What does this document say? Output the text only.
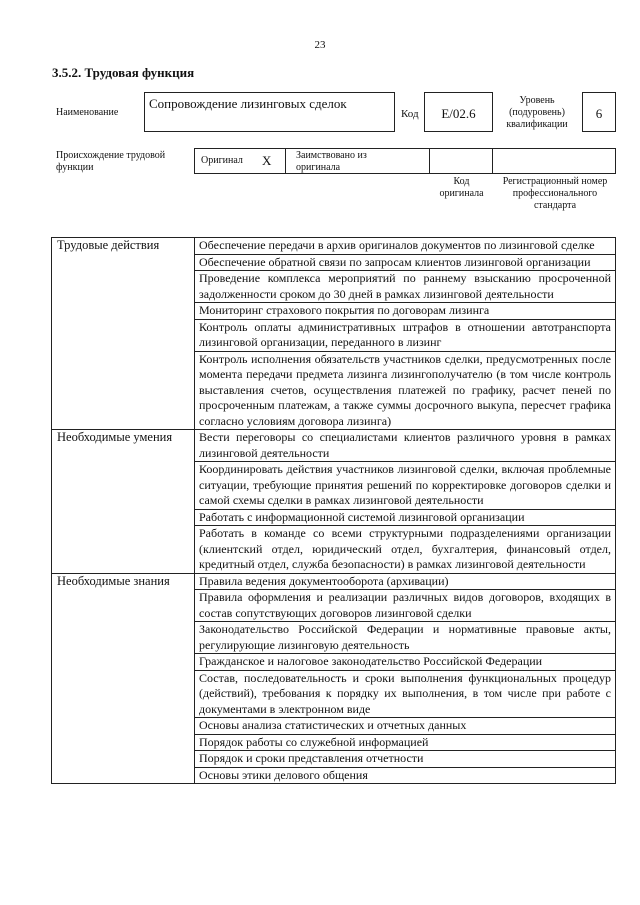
23
3.5.2. Трудовая функция
Наименование
Сопровождение лизинговых сделок
Код	E/02.6
Уровень (подуровень) квалификации
6
Происхождение трудовой функции
Оригинал X	Заимствовано из оригинала
Код оригинала
Регистрационный номер профессионального стандарта
Трудовые действия	Обеспечение передачи в архив оригиналов документов по лизинговой сделке
	Обеспечение обратной связи по запросам клиентов лизинговой организации
	Проведение комплекса мероприятий по раннему взысканию просроченной задолженности сроком до 30 дней в рамках лизинговой деятельности
	Мониторинг страхового покрытия по договорам лизинга
	Контроль оплаты административных штрафов в отношении автотранспорта лизинговой организации, переданного в лизинг
	Контроль исполнения обязательств участников сделки, предусмотренных после момента передачи предмета лизинга лизингополучателю (в том числе контроль выставления счетов, осуществления платежей по графику, расчет пеней по просроченным платежам, а также суммы досрочного выкупа, пересчет графика согласно условиям договора лизинга)
Необходимые умения	Вести переговоры со специалистами клиентов различного уровня в рамках лизинговой деятельности
	Координировать действия участников лизинговой сделки, включая проблемные ситуации, требующие принятия решений по корректировке договоров сделки и самой схемы сделки в рамках лизинговой деятельности
	Работать с информационной системой лизинговой организации
	Работать в команде со всеми структурными подразделениями организации (клиентский отдел, юридический отдел, бухгалтерия, финансовый отдел, кредитный отдел, служба безопасности) в рамках лизинговой деятельности
Необходимые знания	Правила ведения документооборота (архивации)
	Правила оформления и реализации различных видов договоров, входящих в состав сопутствующих договоров лизинговой сделки
	Законодательство Российской Федерации и нормативные правовые акты, регулирующие лизинговую деятельность
	Гражданское и налоговое законодательство Российской Федерации
	Состав, последовательность и сроки выполнения функциональных процедур (действий), требования к порядку их выполнения, в том числе при работе с документами в электронном виде
	Основы анализа статистических и отчетных данных
	Порядок работы со служебной информацией
	Порядок и сроки представления отчетности
	Основы этики делового общения
